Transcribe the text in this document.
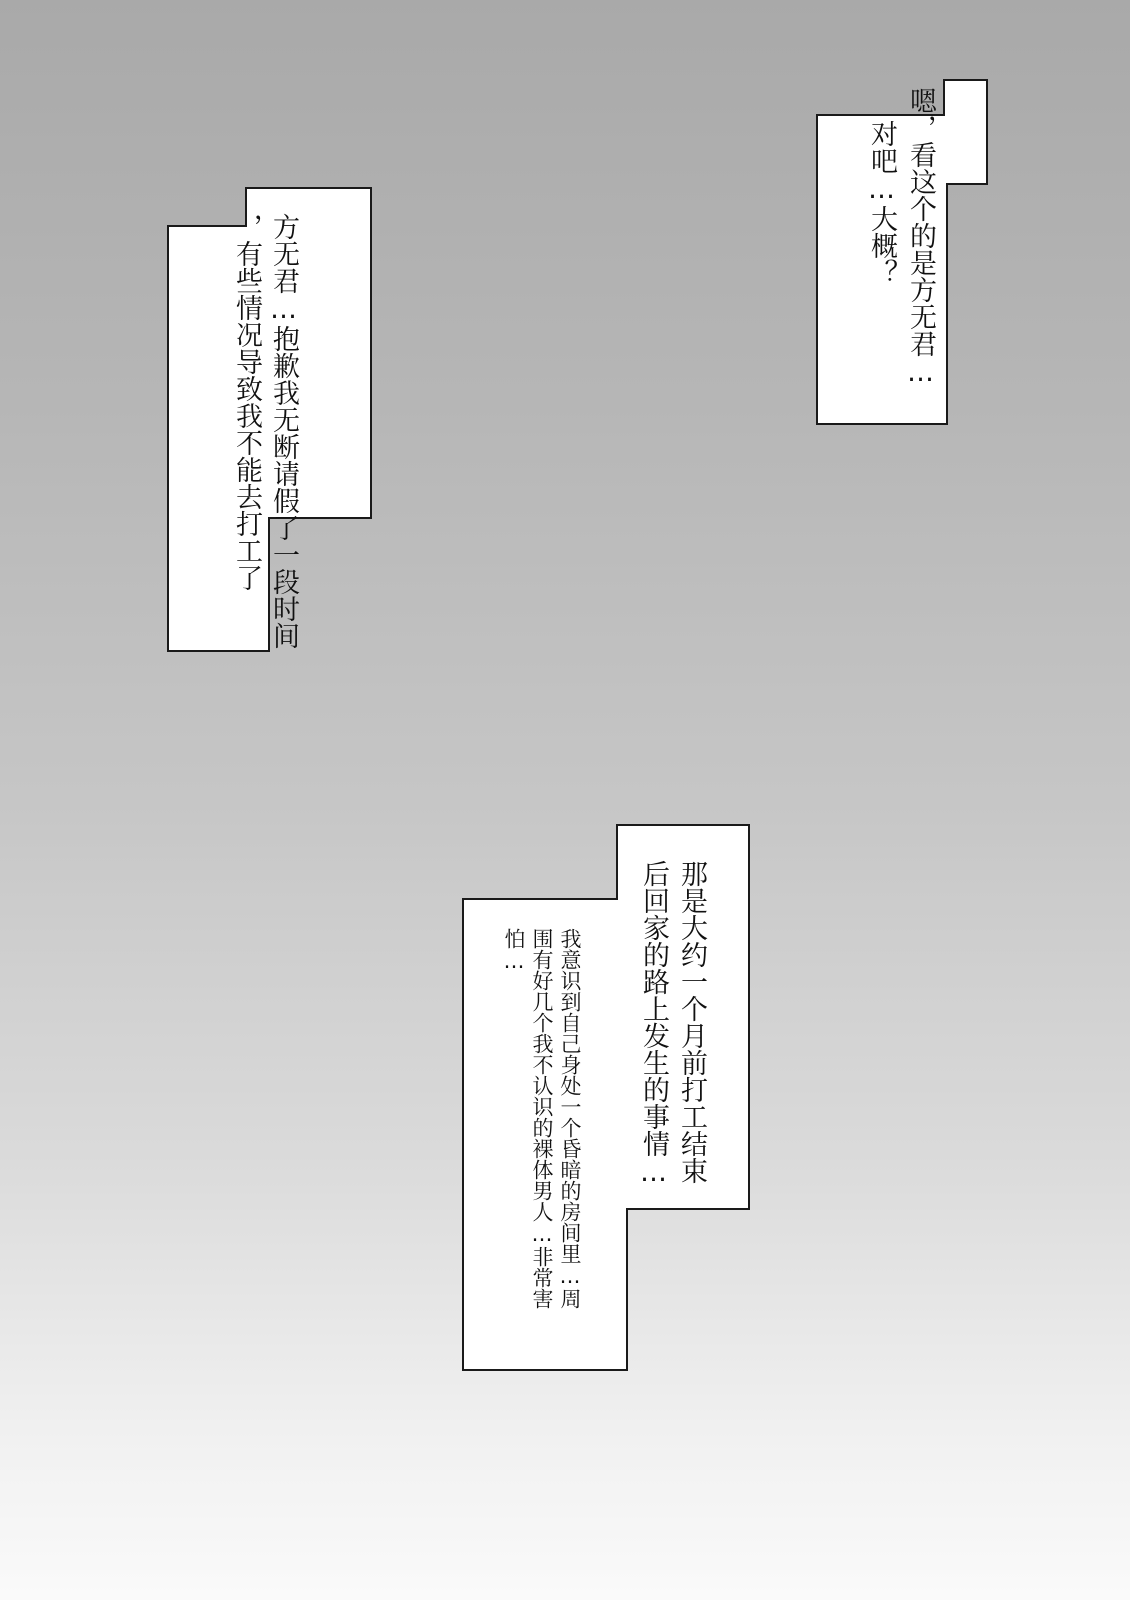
嗯，看这个的是方无君…
对吧…大概？
方无君…抱歉我无断请假了一段时间
，有些情况导致我不能去打工了
那是大约一个月前打工结束
后回家的路上发生的事情…
我意识到自己身处一个昏暗的房间里…周
围有好几个我不认识的裸体男人…非常害
怕…
